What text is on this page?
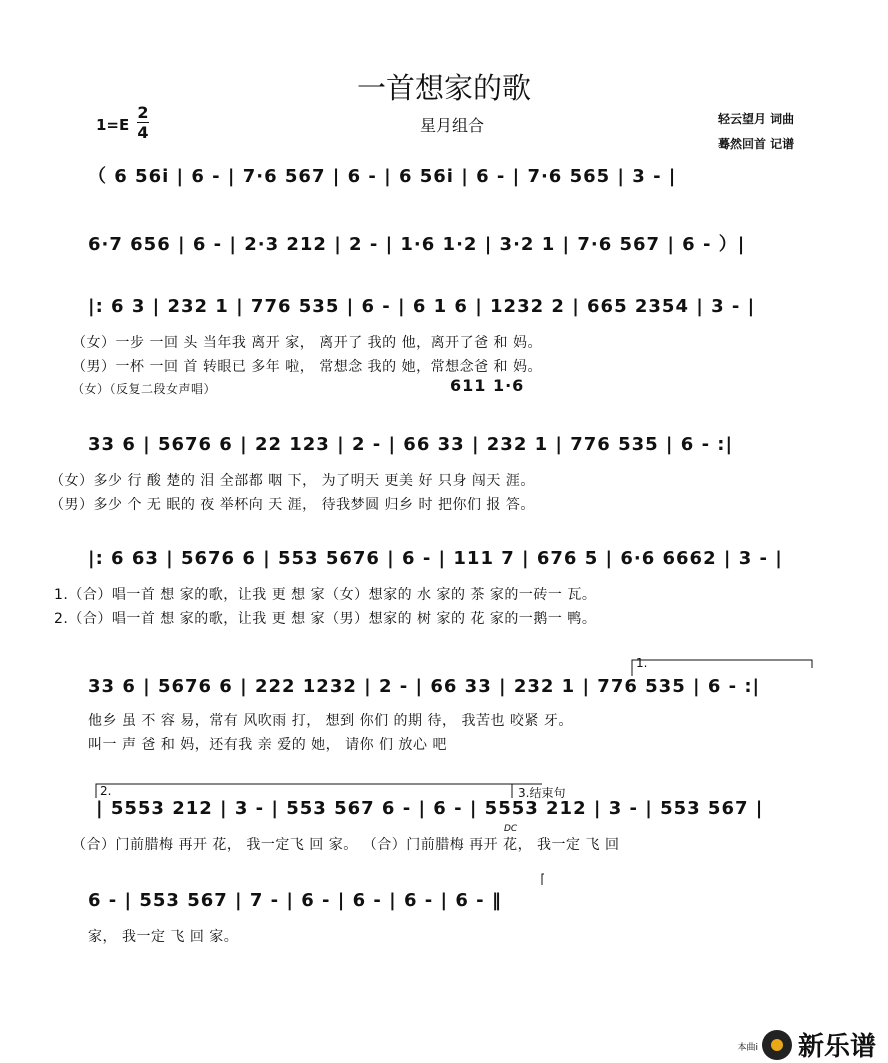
一首想家的歌
1=E
2
4	星月组合	轻云望月 词曲
蓦然回首 记谱
（ 6 56i | 6 - | 7·6 567 | 6 - | 6 56i | 6 - | 7·6 565 | 3 - |
6·7 656 | 6 - | 2·3 212 | 2 - | 1·6 1·2 | 3·2 1 | 7·6 567 | 6 - ）|
|: 6 3 | 232 1 | 776 535 | 6 - | 6 1 6 | 1232 2 | 665 2354 | 3 - |
（女）一步 一回 头 当年我 离开 家， 离开了 我的 他，离开了爸 和 妈。
（男）一杯 一回 首 转眼已 多年 啦， 常想念 我的 她，常想念爸 和 妈。
（女）（反复二段女声唱）	611 1·6
33 6 | 5676 6 | 22 123 | 2 - | 66 33 | 232 1 | 776 535 | 6 - :|
（女）多少 行 酸 楚的 泪 全部都 咽 下， 为了明天 更美 好 只身 闯天 涯。
（男）多少 个 无 眠的 夜 举杯向 天 涯， 待我梦圆 归乡 时 把你们 报 答。
|: 6 63 | 5676 6 | 553 5676 | 6 - | 111 7 | 676 5 | 6·6 6662 | 3 - |
1.（合）唱一首 想 家的歌，让我 更 想 家（女）想家的 水 家的 茶 家的一砖一 瓦。
2.（合）唱一首 想 家的歌，让我 更 想 家（男）想家的 树 家的 花 家的一鹅一 鸭。
1.
33 6 | 5676 6 | 222 1232 | 2 - | 66 33 | 232 1 | 776 535 | 6 - :|
他乡 虽 不 容 易，常有 风吹雨 打， 想到 你们 的期 待， 我苦也 咬紧 牙。
叫一 声 爸 和 妈，还有我 亲 爱的 她， 请你 们 放心 吧
2.	3.结束句
DC
| 5553 212 | 3 - | 553 567 6 - | 6 - | 5553 212 | 3 - | 553 567 |
（合）门前腊梅 再开 花， 我一定飞 回 家。 （合）门前腊梅 再开 花， 我一定 飞 回
6 - | 553 567 | 7 - | 6 - | 6 - | 6 - | 6 - ‖
家， 我一定 飞 回 家。
本曲i 新乐谱
